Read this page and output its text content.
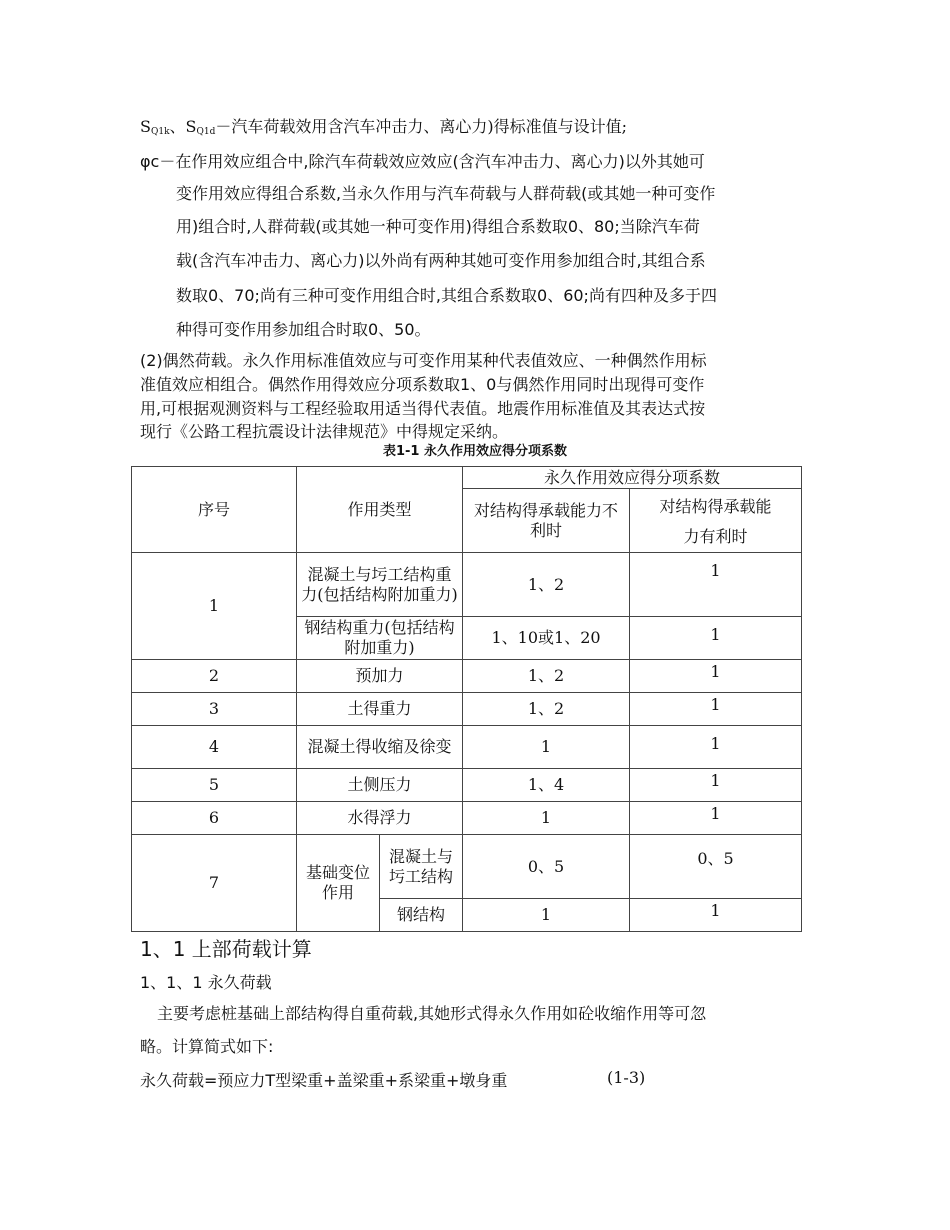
$S_{Q1k}$、$S_{Q1d}-$汽车荷载效用含汽车冲击力、离心力)得标准值与设计值;
φc－在作用效应组合中,除汽车荷载效应效应(含汽车冲击力、离心力)以外其她可
变作用效应得组合系数,当永久作用与汽车荷载与人群荷载(或其她一种可变作
用)组合时,人群荷载(或其她一种可变作用)得组合系数取0、80;当除汽车荷
载(含汽车冲击力、离心力)以外尚有两种其她可变作用参加组合时,其组合系
数取0、70;尚有三种可变作用组合时,其组合系数取0、60;尚有四种及多于四
种得可变作用参加组合时取0、50。
(2)偶然荷载。永久作用标准值效应与可变作用某种代表值效应、一种偶然作用标
准值效应相组合。偶然作用得效应分项系数取1、0与偶然作用同时出现得可变作
用,可根据观测资料与工程经验取用适当得代表值。地震作用标准值及其表达式按
现行《公路工程抗震设计法律规范》中得规定采纳。
表1-1 永久作用效应得分项系数
序号	作用类型		永久作用效应得分项系数	
			对结构得承载能力不利时	对结构得承载能
力有利时

1	混凝土与圬工结构重力(包括结构附加重力)		1、2	1
	钢结构重力(包括结构附加重力)		1、10或1、20	1
2	预加力		1、2	1
3	土得重力		1、2	1
4	混凝土得收缩及徐变		1	1
5	土侧压力		1、4	1
6	水得浮力		1	1
7	基础变位作用	混凝土与圬工结构	0、5	0、5
		钢结构	1	1
1、1 上部荷载计算
1、1、1 永久荷载
主要考虑桩基础上部结构得自重荷载,其她形式得永久作用如砼收缩作用等可忽
略。计算简式如下:
永久荷载=预应力T型梁重+盖梁重+系梁重+墩身重	(1-3)
